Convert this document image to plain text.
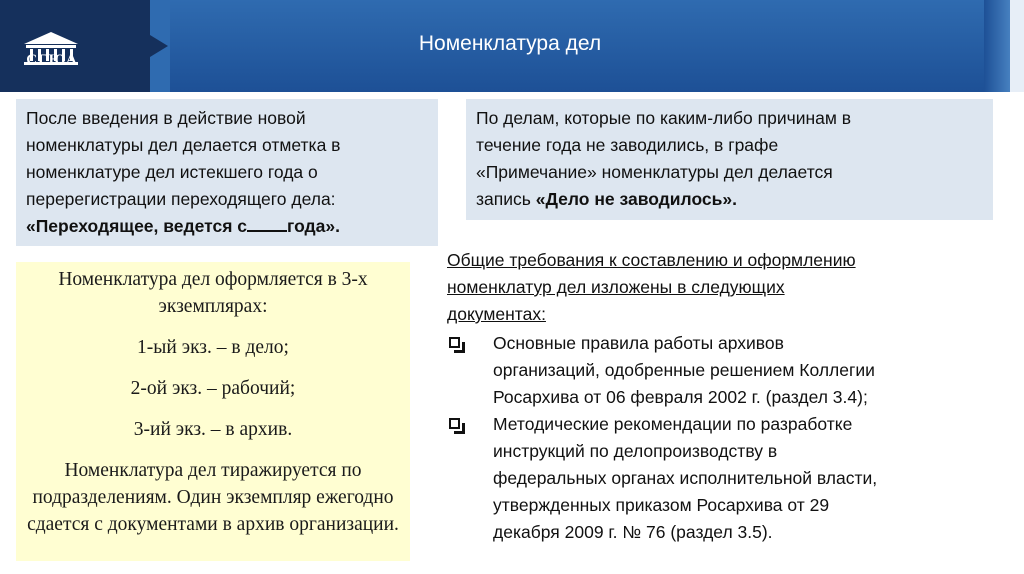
СГЮА
Номенклатура дел
После введения в действие новой
номенклатуры дел делается отметка в
номенклатуре дел истекшего года о
перерегистрации переходящего дела:
«Переходящее, ведется с года».
По делам, которые по каким-либо причинам в
течение года не заводились, в графе
«Примечание» номенклатуры дел делается
запись «Дело не заводилось».

Номенклатура дел оформляется в 3-х

экземплярах:

1-ый экз. – в дело;

2-ой экз. – рабочий;

3-ий экз. – в архив.

Номенклатура дел тиражируется по

подразделениям. Один экземпляр ежегодно

сдается с документами в архив организации.

Общие требования к составлению и оформлению
номенклатур дел изложены в следующих
документах:
Основные правила работы архивов
организаций, одобренные решением Коллегии
Росархива от 06 февраля 2002 г. (раздел 3.4);
Методические рекомендации по разработке
инструкций по делопроизводству в
федеральных органах исполнительной власти,
утвержденных приказом Росархива от 29
декабря 2009 г. № 76 (раздел 3.5).
